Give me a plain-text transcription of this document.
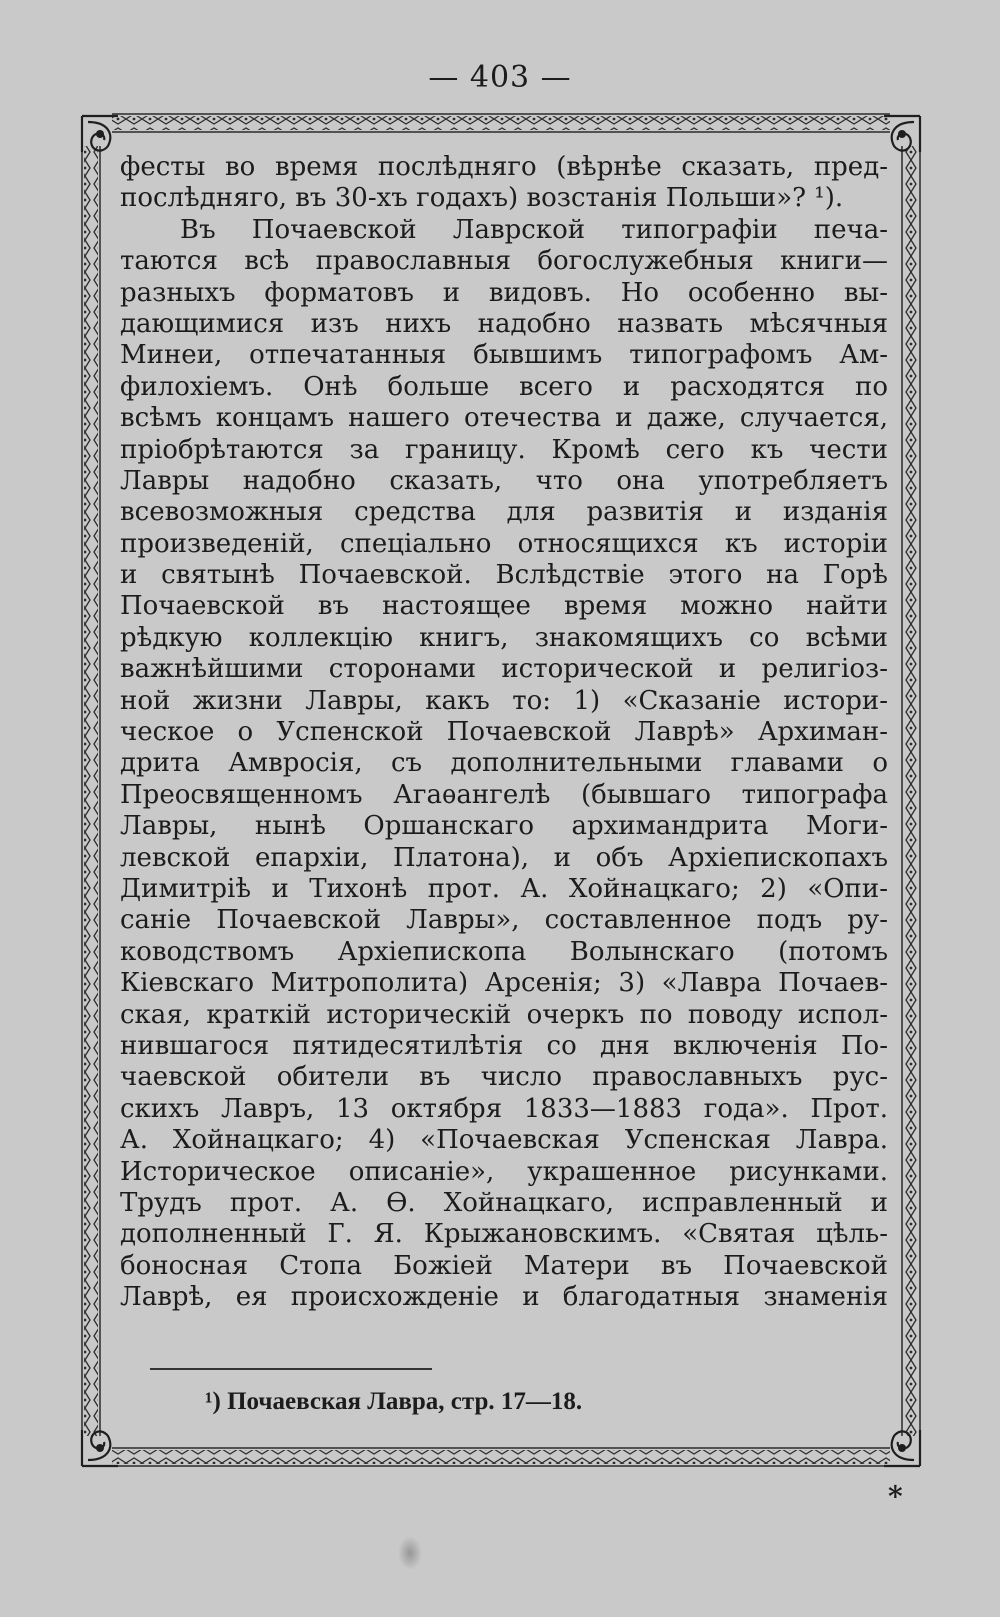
— 403 —
фесты во время послѣдняго (вѣрнѣе сказать, пред-
послѣдняго, въ 30-хъ годахъ) возстанія Польши»? ¹).
Въ Почаевской Лаврской типографіи печа-
таются всѣ православныя богослужебныя книги—
разныхъ форматовъ и видовъ. Но особенно вы-
дающимися изъ нихъ надобно назвать мѣсячныя
Минеи, отпечатанныя бывшимъ типографомъ Ам-
филохіемъ. Онѣ больше всего и расходятся по
всѣмъ концамъ нашего отечества и даже, случается,
пріобрѣтаются за границу. Кромѣ сего къ чести
Лавры надобно сказать, что она употребляетъ
всевозможныя средства для развитія и изданія
произведеній, спеціально относящихся къ исторіи
и святынѣ Почаевской. Вслѣдствіе этого на Горѣ
Почаевской въ настоящее время можно найти
рѣдкую коллекцію книгъ, знакомящихъ со всѣми
важнѣйшими сторонами исторической и религіоз-
ной жизни Лавры, какъ то: 1) «Сказаніе истори-
ческое о Успенской Почаевской Лаврѣ» Архиман-
дрита Амвросія, съ дополнительными главами о
Преосвященномъ Агаѳангелѣ (бывшаго типографа
Лавры, нынѣ Оршанскаго архимандрита Моги-
левской епархіи, Платона), и объ Архіепископахъ
Димитріѣ и Тихонѣ прот. А. Хойнацкаго; 2) «Опи-
саніе Почаевской Лавры», составленное подъ ру-
ководствомъ Архіепископа Волынскаго (потомъ
Кіевскаго Митрополита) Арсенія; 3) «Лавра Почаев-
ская, краткій историческій очеркъ по поводу испол-
нившагося пятидесятилѣтія со дня включенія По-
чаевской обители въ число православныхъ рус-
скихъ Лавръ, 13 октября 1833—1883 года». Прот.
А. Хойнацкаго; 4) «Почаевская Успенская Лавра.
Историческое описаніе», украшенное рисунками.
Трудъ прот. А. Ѳ. Хойнацкаго, исправленный и
дополненный Г. Я. Крыжановскимъ. «Святая цѣль-
боносная Стопа Божіей Матери въ Почаевской
Лаврѣ, ея происхожденіе и благодатныя знаменія
¹) Почаевская Лавра, стр. 17—18.
*
